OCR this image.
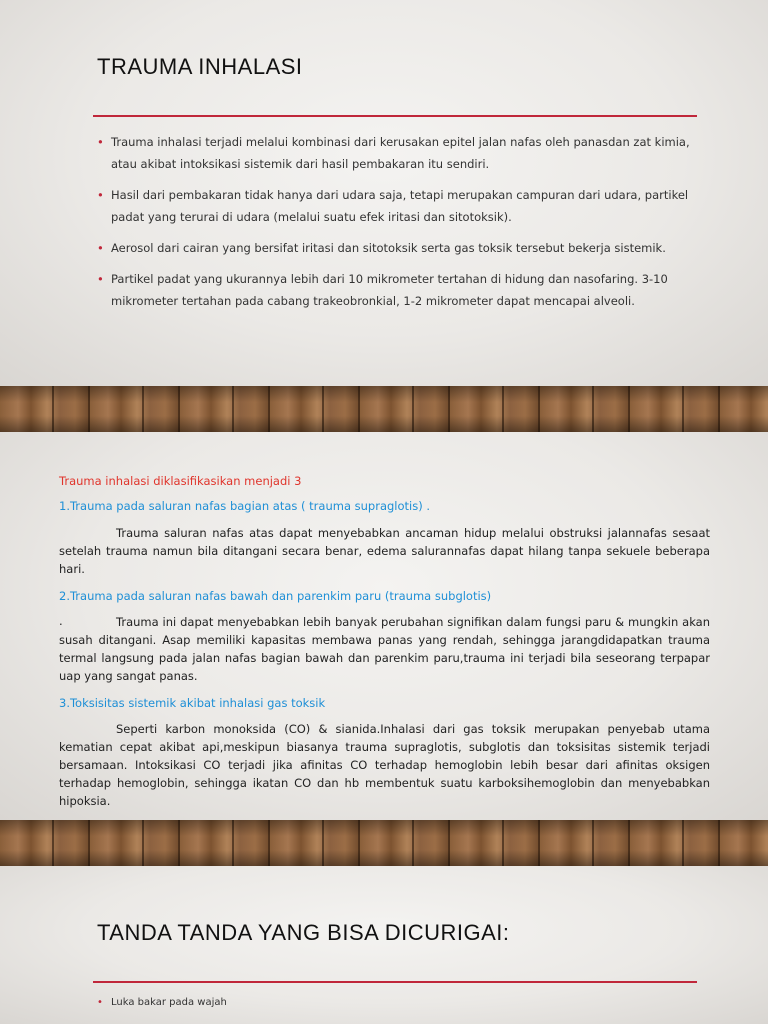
TRAUMA INHALASI
• Trauma inhalasi terjadi melalui kombinasi dari kerusakan epitel jalan nafas oleh panasdan zat kimia, atau akibat intoksikasi sistemik dari hasil pembakaran itu sendiri.
• Hasil dari pembakaran tidak hanya dari udara saja, tetapi merupakan campuran dari udara, partikel padat yang terurai di udara (melalui suatu efek iritasi dan sitotoksik).
• Aerosol dari cairan yang bersifat iritasi dan sitotoksik serta gas toksik tersebut bekerja sistemik.
• Partikel padat yang ukurannya lebih dari 10 mikrometer tertahan di hidung dan nasofaring. 3-10 mikrometer tertahan pada cabang trakeobronkial, 1-2 mikrometer dapat mencapai alveoli.

Trauma inhalasi diklasifikasikan menjadi 3

1.Trauma pada saluran nafas bagian atas ( trauma supraglotis) .

Trauma saluran nafas atas dapat menyebabkan ancaman hidup melalui obstruksi jalannafas sesaat setelah trauma namun bila ditangani secara benar, edema salurannafas dapat hilang tanpa sekuele beberapa hari.

2.Trauma pada saluran nafas bawah dan parenkim paru (trauma subglotis)

.	Trauma ini dapat menyebabkan lebih banyak perubahan signifikan dalam fungsi paru & mungkin akan susah ditangani. Asap memiliki kapasitas membawa panas yang rendah, sehingga jarangdidapatkan trauma termal langsung pada jalan nafas bagian bawah dan parenkim paru,trauma ini terjadi bila seseorang terpapar uap yang sangat panas.

3.Toksisitas sistemik akibat inhalasi gas toksik

Seperti karbon monoksida (CO) & sianida.Inhalasi dari gas toksik merupakan penyebab utama kematian cepat akibat api,meskipun biasanya trauma supraglotis, subglotis dan toksisitas sistemik terjadi bersamaan. Intoksikasi CO terjadi jika afinitas CO terhadap hemoglobin lebih besar dari afinitas oksigen terhadap hemoglobin, sehingga ikatan CO dan hb membentuk suatu karboksihemoglobin dan menyebabkan hipoksia.

TANDA TANDA YANG BISA DICURIGAI:
• Luka bakar pada wajah
